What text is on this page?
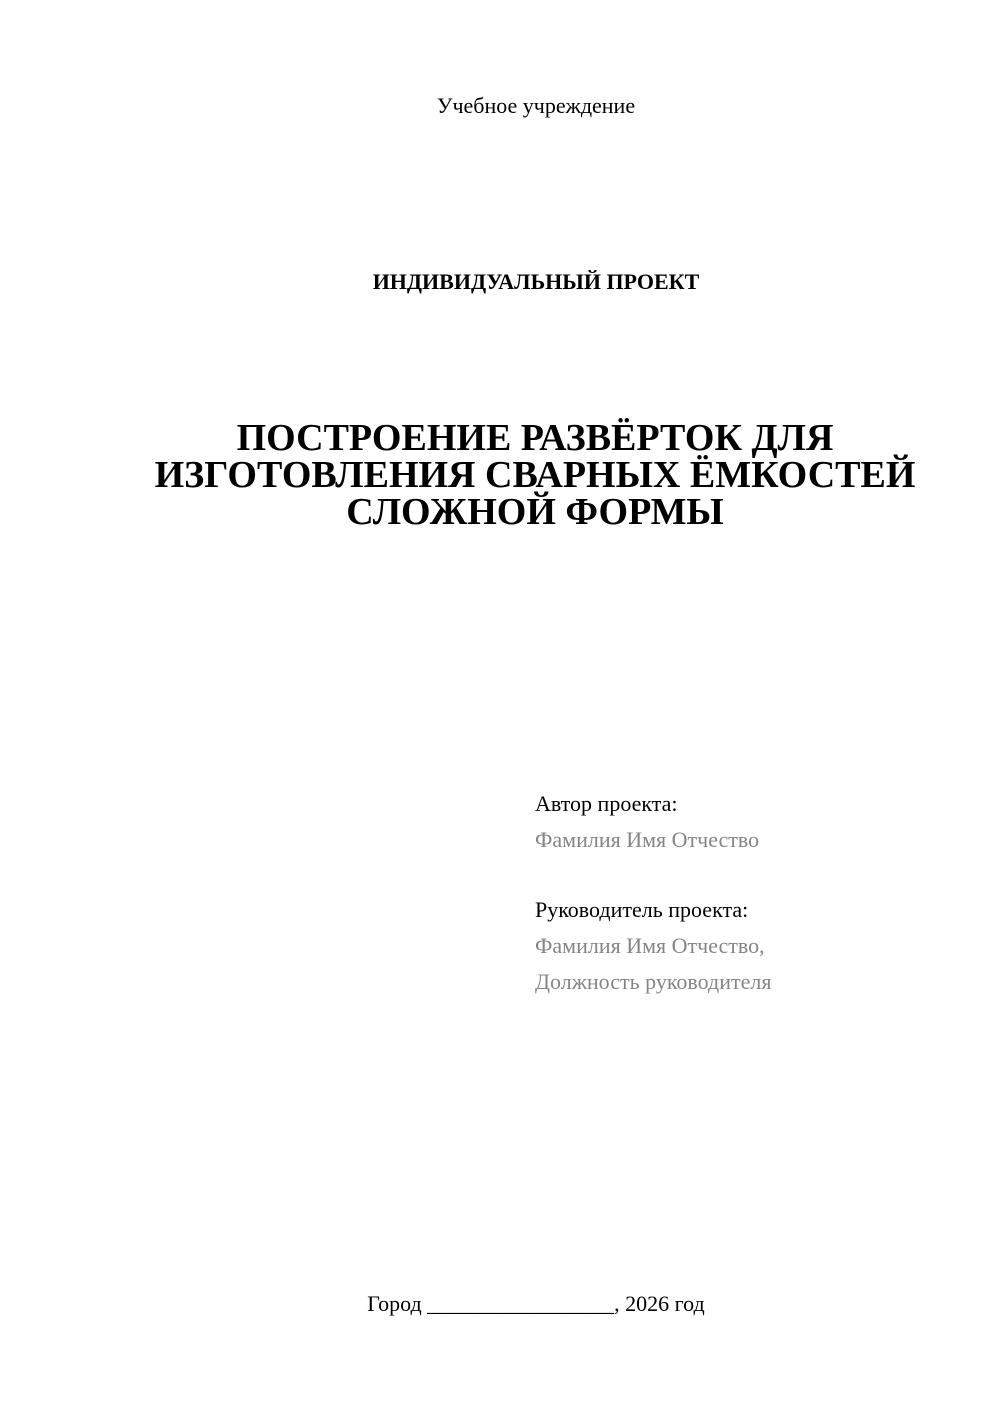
Учебное учреждение
ИНДИВИДУАЛЬНЫЙ ПРОЕКТ
ПОСТРОЕНИЕ РАЗВЁРТОК ДЛЯ
ИЗГОТОВЛЕНИЯ СВАРНЫХ ЁМКОСТЕЙ
СЛОЖНОЙ ФОРМЫ
Автор проекта:
Фамилия Имя Отчество
Руководитель проекта:
Фамилия Имя Отчество,
Должность руководителя
Город _________________, 2026 год
